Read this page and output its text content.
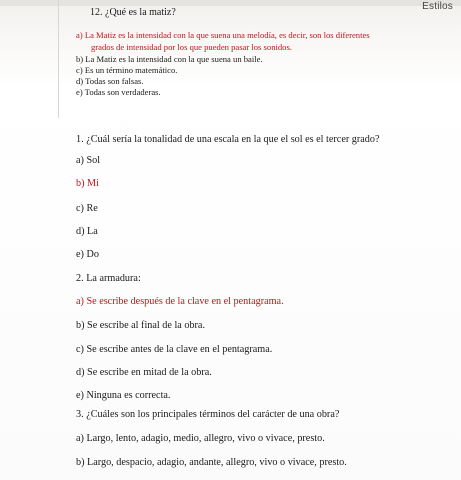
Estilos
12. ¿Qué es la matiz?
a) La Matiz es la intensidad con la que suena una melodía, es decir, son los diferentes
grados de intensidad por los que pueden pasar los sonidos.
b) La Matiz es la intensidad con la que suena un baile.
c) Es un término matemático.
d) Todas son falsas.
e) Todas son verdaderas.
1. ¿Cuál sería la tonalidad de una escala en la que el sol es el tercer grado?
a) Sol
b) Mi
c) Re
d) La
e) Do
2. La armadura:
a) Se escribe después de la clave en el pentagrama.
b) Se escribe al final de la obra.
c) Se escribe antes de la clave en el pentagrama.
d) Se escribe en mitad de la obra.
e) Ninguna es correcta.
3. ¿Cuáles son los principales términos del carácter de una obra?
a) Largo, lento, adagio, medio, allegro, vivo o vivace, presto.
b) Largo, despacio, adagio, andante, allegro, vivo o vivace, presto.
